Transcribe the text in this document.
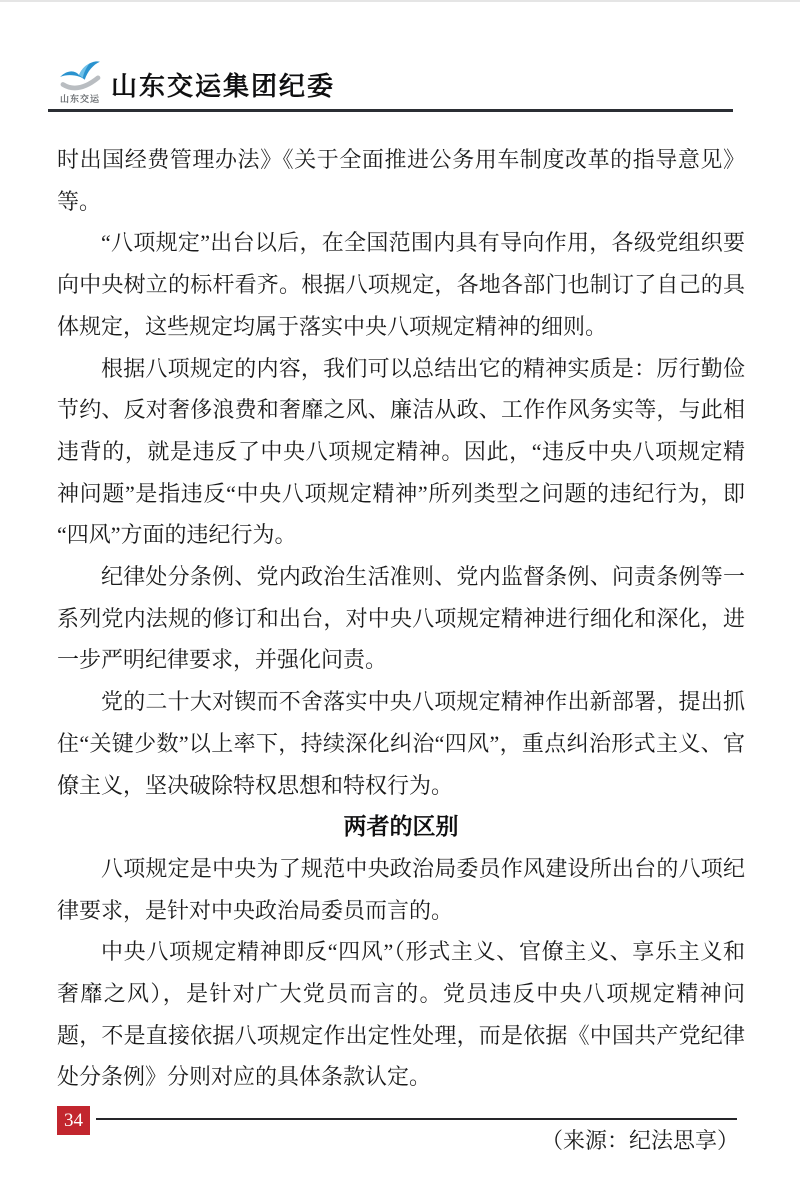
山东交运 山东交运集团纪委

时出国经费管理办法》《关于全面推进公务用车制度改革的指导意见》等。

“八项规定”出台以后，在全国范围内具有导向作用，各级党组织要向中央树立的标杆看齐。根据八项规定，各地各部门也制订了自己的具体规定，这些规定均属于落实中央八项规定精神的细则。

根据八项规定的内容，我们可以总结出它的精神实质是：厉行勤俭节约、反对奢侈浪费和奢靡之风、廉洁从政、工作作风务实等，与此相违背的，就是违反了中央八项规定精神。因此，“违反中央八项规定精神问题”是指违反“中央八项规定精神”所列类型之问题的违纪行为，即“四风”方面的违纪行为。

纪律处分条例、党内政治生活准则、党内监督条例、问责条例等一系列党内法规的修订和出台，对中央八项规定精神进行细化和深化，进一步严明纪律要求，并强化问责。

党的二十大对锲而不舍落实中央八项规定精神作出新部署，提出抓住“关键少数”以上率下，持续深化纠治“四风”，重点纠治形式主义、官僚主义，坚决破除特权思想和特权行为。

两者的区别

八项规定是中央为了规范中央政治局委员作风建设所出台的八项纪律要求，是针对中央政治局委员而言的。

中央八项规定精神即反“四风”（形式主义、官僚主义、享乐主义和奢靡之风），是针对广大党员而言的。党员违反中央八项规定精神问题，不是直接依据八项规定作出定性处理，而是依据《中国共产党纪律处分条例》分则对应的具体条款认定。

（来源：纪法思享）

34
